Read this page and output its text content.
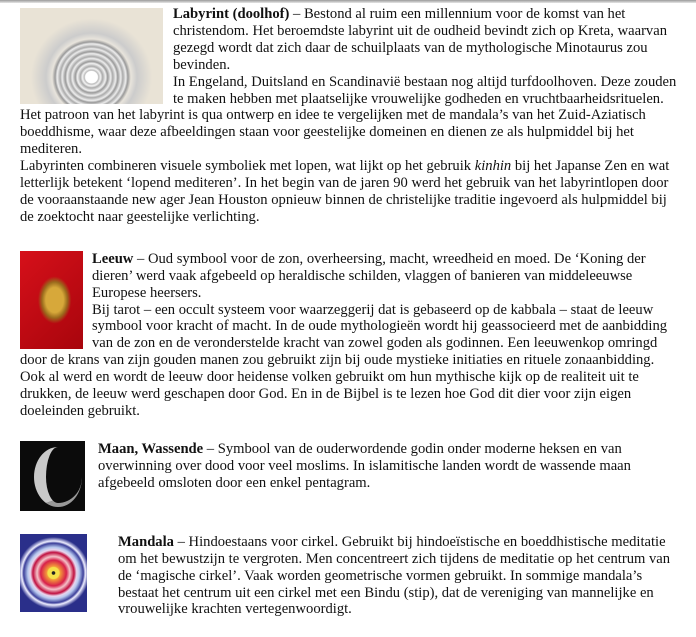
Labyrint (doolhof) – Bestond al ruim een millennium voor de komst van het christendom. Het beroemdste labyrint uit de oudheid bevindt zich op Kreta, waarvan gezegd wordt dat zich daar de schuilplaats van de mythologische Minotaurus zou bevinden.

In Engeland, Duitsland en Scandinavië bestaan nog altijd turfdoolhoven. Deze zouden te maken hebben met plaatselijke vrouwelijke godheden en vruchtbaarheidsrituelen. Het patroon van het labyrint is qua ontwerp en idee te vergelijken met de mandala’s van het Zuid-Aziatisch boeddhisme, waar deze afbeeldingen staan voor geestelijke domeinen en dienen ze als hulpmiddel bij het mediteren.

Labyrinten combineren visuele symboliek met lopen, wat lijkt op het gebruik kinhin bij het Japanse Zen en wat letterlijk betekent ‘lopend mediteren’. In het begin van de jaren 90 werd het gebruik van het labyrintlopen door de vooraanstaande new ager Jean Houston opnieuw binnen de christelijke traditie ingevoerd als hulpmiddel bij de zoektocht naar geestelijke verlichting.

Leeuw – Oud symbool voor de zon, overheersing, macht, wreedheid en moed. De ‘Koning der dieren’ werd vaak afgebeeld op heraldische schilden, vlaggen of banieren van middeleeuwse Europese heersers.

Bij tarot – een occult systeem voor waarzeggerij dat is gebaseerd op de kabbala – staat de leeuw symbool voor kracht of macht. In de oude mythologieën wordt hij geassocieerd met de aanbidding van de zon en de veronderstelde kracht van zowel goden als godinnen. Een leeuwenkop omringd door de krans van zijn gouden manen zou gebruikt zijn bij oude mystieke initiaties en rituele zonaanbidding.

Ook al werd en wordt de leeuw door heidense volken gebruikt om hun mythische kijk op de realiteit uit te drukken, de leeuw werd geschapen door God. En in de Bijbel is te lezen hoe God dit dier voor zijn eigen doeleinden gebruikt.

Maan, Wassende – Symbool van de ouderwordende godin onder moderne heksen en van overwinning over dood voor veel moslims. In islamitische landen wordt de wassende maan afgebeeld omsloten door een enkel pentagram.

Mandala – Hindoestaans voor cirkel. Gebruikt bij hindoeïstische en boeddhistische meditatie om het bewustzijn te vergroten. Men concentreert zich tijdens de meditatie op het centrum van de ‘magische cirkel’. Vaak worden geometrische vormen gebruikt. In sommige mandala’s bestaat het centrum uit een cirkel met een Bindu (stip), dat de vereniging van mannelijke en vrouwelijke krachten vertegenwoordigt.
